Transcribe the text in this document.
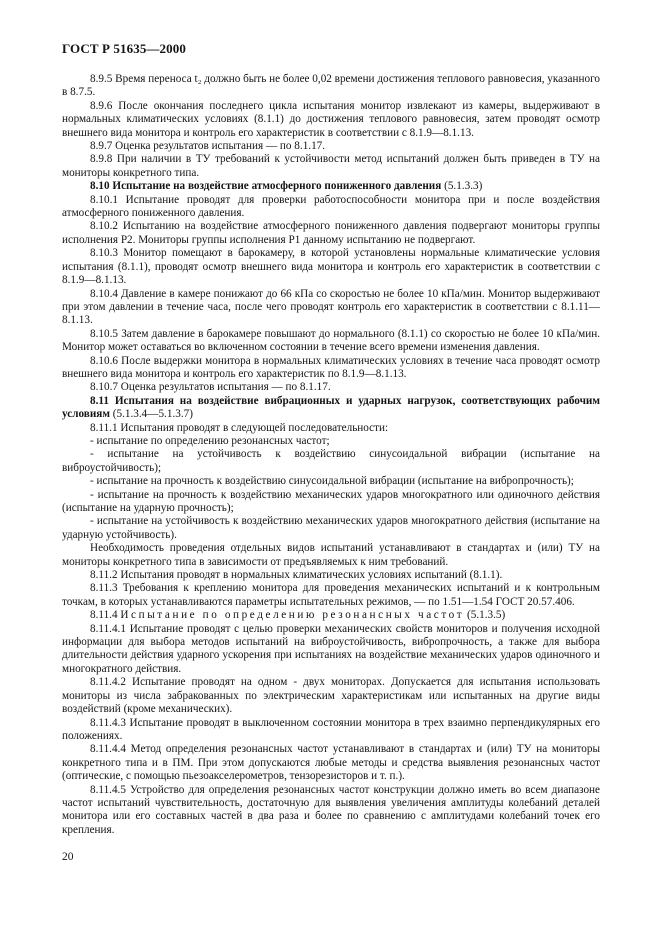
ГОСТ Р 51635—2000

8.9.5 Время переноса t₂ должно быть не более 0,02 времени достижения теплового равновесия, указанного в 8.7.5.

8.9.6 После окончания последнего цикла испытания монитор извлекают из камеры, выдерживают в нормальных климатических условиях (8.1.1) до достижения теплового равновесия, затем проводят осмотр внешнего вида монитора и контроль его характеристик в соответствии с 8.1.9—8.1.13.

8.9.7 Оценка результатов испытания — по 8.1.17.

8.9.8 При наличии в ТУ требований к устойчивости метод испытаний должен быть приведен в ТУ на мониторы конкретного типа.

8.10 Испытание на воздействие атмосферного пониженного давления (5.1.3.3)

8.10.1 Испытание проводят для проверки работоспособности монитора при и после воздействия атмосферного пониженного давления.

8.10.2 Испытанию на воздействие атмосферного пониженного давления подвергают мониторы группы исполнения Р2. Мониторы группы исполнения Р1 данному испытанию не подвергают.

8.10.3 Монитор помещают в барокамеру, в которой установлены нормальные климатические условия испытания (8.1.1), проводят осмотр внешнего вида монитора и контроль его характеристик в соответствии с 8.1.9—8.1.13.

8.10.4 Давление в камере понижают до 66 кПа со скоростью не более 10 кПа/мин. Монитор выдерживают при этом давлении в течение часа, после чего проводят контроль его характеристик в соответствии с 8.1.11—8.1.13.

8.10.5 Затем давление в барокамере повышают до нормального (8.1.1) со скоростью не более 10 кПа/мин. Монитор может оставаться во включенном состоянии в течение всего времени изменения давления.

8.10.6 После выдержки монитора в нормальных климатических условиях в течение часа проводят осмотр внешнего вида монитора и контроль его характеристик по 8.1.9—8.1.13.

8.10.7 Оценка результатов испытания — по 8.1.17.

8.11 Испытания на воздействие вибрационных и ударных нагрузок, соответствующих рабочим условиям (5.1.3.4—5.1.3.7)

8.11.1 Испытания проводят в следующей последовательности:

- испытание по определению резонансных частот;

- испытание на устойчивость к воздействию синусоидальной вибрации (испытание на виброустойчивость);

- испытание на прочность к воздействию синусоидальной вибрации (испытание на вибропрочность);

- испытание на прочность к воздействию механических ударов многократного или одиночного действия (испытание на ударную прочность);

- испытание на устойчивость к воздействию механических ударов многократного действия (испытание на ударную устойчивость).

Необходимость проведения отдельных видов испытаний устанавливают в стандартах и (или) ТУ на мониторы конкретного типа в зависимости от предъявляемых к ним требований.

8.11.2 Испытания проводят в нормальных климатических условиях испытаний (8.1.1).

8.11.3 Требования к креплению монитора для проведения механических испытаний и к контрольным точкам, в которых устанавливаются параметры испытательных режимов, — по 1.51—1.54 ГОСТ 20.57.406.

8.11.4 Испытание по определению резонансных частот (5.1.3.5)

8.11.4.1 Испытание проводят с целью проверки механических свойств мониторов и получения исходной информации для выбора методов испытаний на виброустойчивость, вибропрочность, а также для выбора длительности действия ударного ускорения при испытаниях на воздействие механических ударов одиночного и многократного действия.

8.11.4.2 Испытание проводят на одном - двух мониторах. Допускается для испытания использовать мониторы из числа забракованных по электрическим характеристикам или испытанных на другие виды воздействий (кроме механических).

8.11.4.3 Испытание проводят в выключенном состоянии монитора в трех взаимно перпендикулярных его положениях.

8.11.4.4 Метод определения резонансных частот устанавливают в стандартах и (или) ТУ на мониторы конкретного типа и в ПМ. При этом допускаются любые методы и средства выявления резонансных частот (оптические, с помощью пьезоакселерометров, тензорезисторов и т. п.).

8.11.4.5 Устройство для определения резонансных частот конструкции должно иметь во всем диапазоне частот испытаний чувствительность, достаточную для выявления увеличения амплитуды колебаний деталей монитора или его составных частей в два раза и более по сравнению с амплитудами колебаний точек его крепления.

20
